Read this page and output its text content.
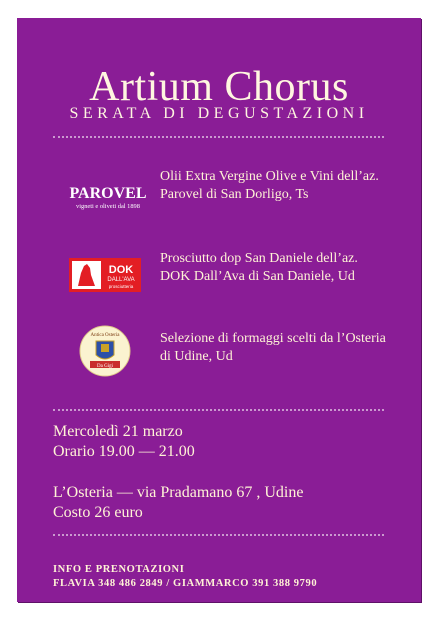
Artium Chorus
SERATA DI DEGUSTAZIONI
PAROVEL
vigneti e oliveti dal 1898
Olii Extra Vergine Olive e Vini dell’az. Parovel di San Dorligo, Ts
DOK
DALL'AVA
prosciutteria
Prosciutto dop San Daniele dell’az. DOK Dall’Ava di San Daniele, Ud
Antica Osteria
Da Gigi
Selezione di formaggi scelti da l’Osteria di Udine, Ud
Mercoledì 21 marzo
Orario 19.00 — 21.00
L’Osteria — via Pradamano 67 , Udine
Costo 26 euro
INFO E PRENOTAZIONI
FLAVIA 348 486 2849 / GIAMMARCO 391 388 9790
